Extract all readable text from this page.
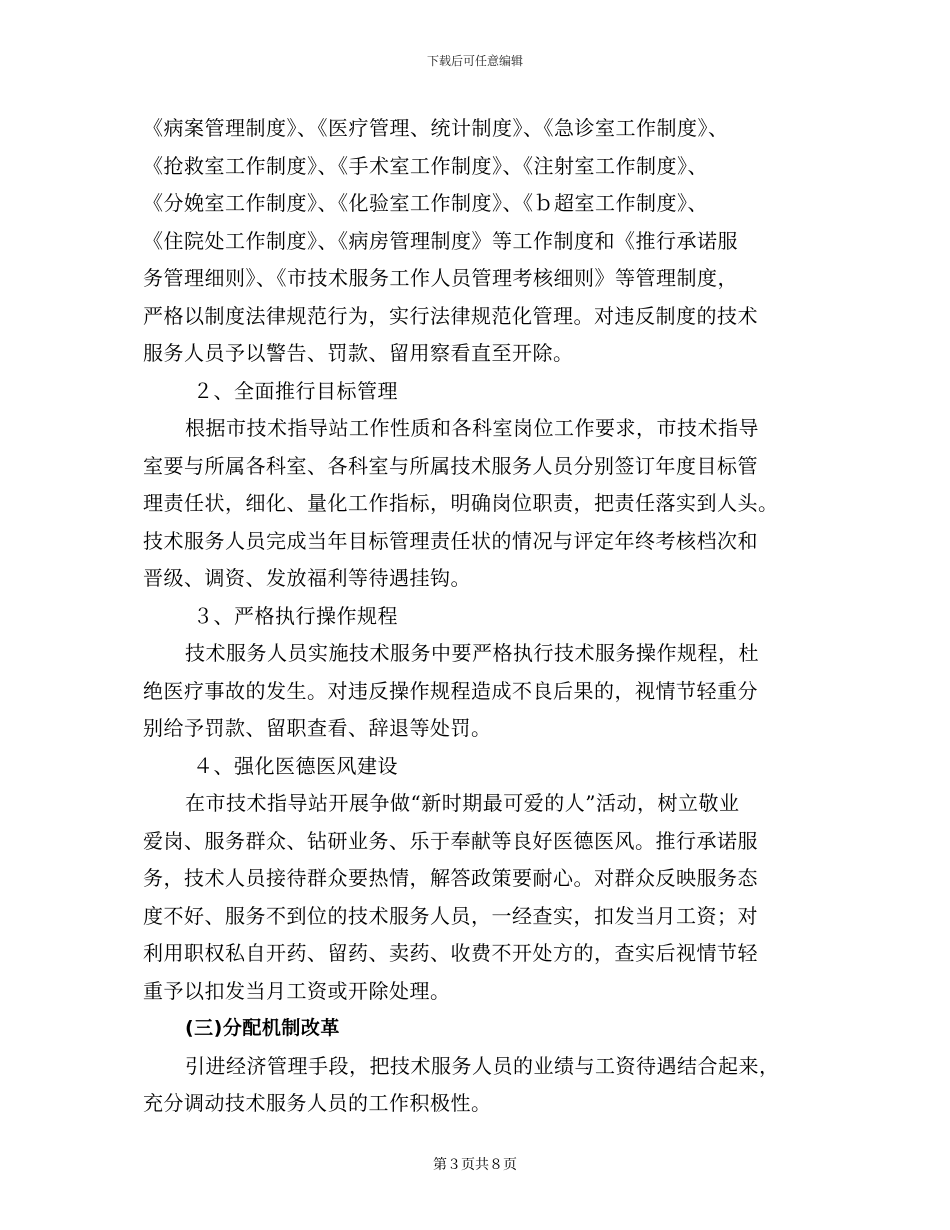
下载后可任意编辑
《病案管理制度》、《医疗管理、统计制度》、《急诊室工作制度》、
《抢救室工作制度》、《手术室工作制度》、《注射室工作制度》、
《分娩室工作制度》、《化验室工作制度》、《ｂ超室工作制度》、
《住院处工作制度》、《病房管理制度》等工作制度和《推行承诺服
务管理细则》、《市技术服务工作人员管理考核细则》等管理制度，
严格以制度法律规范行为，实行法律规范化管理。对违反制度的技术
服务人员予以警告、罚款、留用察看直至开除。
２、全面推行目标管理
根据市技术指导站工作性质和各科室岗位工作要求，市技术指导
室要与所属各科室、各科室与所属技术服务人员分别签订年度目标管
理责任状，细化、量化工作指标，明确岗位职责，把责任落实到人头。
技术服务人员完成当年目标管理责任状的情况与评定年终考核档次和
晋级、调资、发放福利等待遇挂钩。
３、严格执行操作规程
技术服务人员实施技术服务中要严格执行技术服务操作规程，杜
绝医疗事故的发生。对违反操作规程造成不良后果的，视情节轻重分
别给予罚款、留职查看、辞退等处罚。
４、强化医德医风建设
在市技术指导站开展争做“新时期最可爱的人”活动，树立敬业
爱岗、服务群众、钻研业务、乐于奉献等良好医德医风。推行承诺服
务，技术人员接待群众要热情，解答政策要耐心。对群众反映服务态
度不好、服务不到位的技术服务人员，一经查实，扣发当月工资；对
利用职权私自开药、留药、卖药、收费不开处方的，查实后视情节轻
重予以扣发当月工资或开除处理。
(三)分配机制改革
引进经济管理手段，把技术服务人员的业绩与工资待遇结合起来，
充分调动技术服务人员的工作积极性。
第３页共８页
